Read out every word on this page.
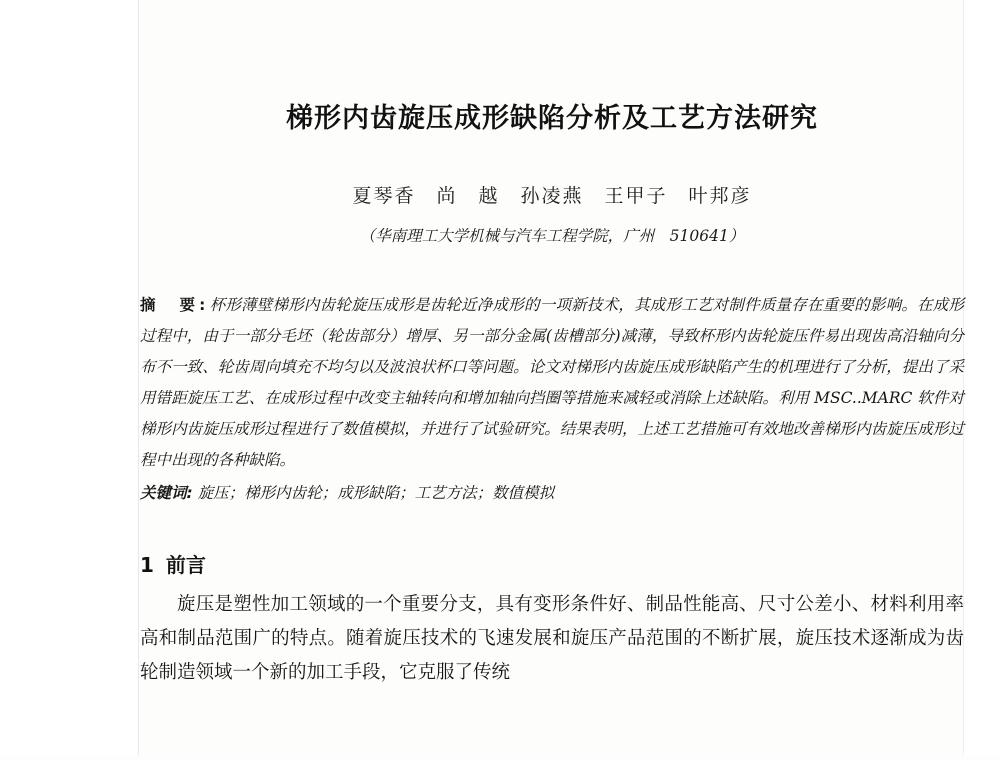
梯形内齿旋压成形缺陷分析及工艺方法研究
夏琴香　尚　越　孙凌燕　王甲子　叶邦彦
（华南理工大学机械与汽车工程学院，广州　510641）
摘　要:杯形薄壁梯形内齿轮旋压成形是齿轮近净成形的一项新技术，其成形工艺对制件质量存在重要的影响。在成形过程中，由于一部分毛坯（轮齿部分）增厚、另一部分金属(齿槽部分)减薄，导致杯形内齿轮旋压件易出现齿高沿轴向分布不一致、轮齿周向填充不均匀以及波浪状杯口等问题。论文对梯形内齿旋压成形缺陷产生的机理进行了分析，提出了采用错距旋压工艺、在成形过程中改变主轴转向和增加轴向挡圈等措施来减轻或消除上述缺陷。利用 MSC..MARC 软件对梯形内齿旋压成形过程进行了数值模拟，并进行了试验研究。结果表明，上述工艺措施可有效地改善梯形内齿旋压成形过程中出现的各种缺陷。
关键词: 旋压；梯形内齿轮；成形缺陷；工艺方法；数值模拟
1 前言
旋压是塑性加工领域的一个重要分支，具有变形条件好、制品性能高、尺寸公差小、材料利用率高和制品范围广的特点。随着旋压技术的飞速发展和旋压产品范围的不断扩展，旋压技术逐渐成为齿轮制造领域一个新的加工手段，它克服了传统
